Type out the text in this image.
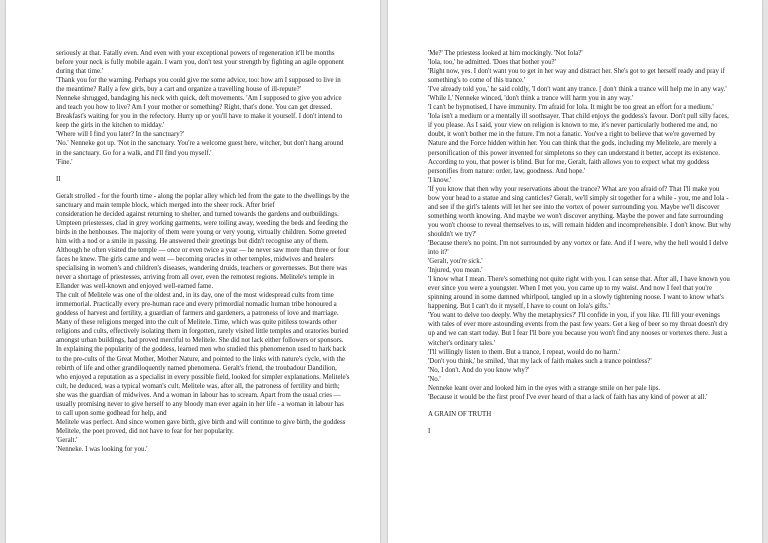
seriously at that. Fatally even. And even with your exceptional powers of regeneration it'll be months before your neck is fully mobile again. I warn you, don't test your strength by fighting an agile opponent during that time.'

'Thank you for the warning. Perhaps you could give me some advice, too: how am I supposed to live in the meantime? Rally a few girls, buy a cart and organize a travelling house of ill-repute?'

Nenneke shrugged, bandaging his neck with quick, deft movements. 'Am I supposed to give you advice and teach you how to live? Am I your mother or something? Right, that's done. You can get dressed. Breakfast's waiting for you in the refectory. Hurry up or you'll have to make it yourself. I don't intend to keep the girls in the kitchen to midday.'

'Where will I find you later? In the sanctuary?'

'No.' Nenneke got up. 'Not in the sanctuary. You're a welcome guest here, witcher, but don't hang around in the sanctuary. Go for a walk, and I'll find you myself.'

'Fine.'

II

Geralt strolled - for the fourth time - along the poplar alley which led from the gate to the dwellings by the sanctuary and main temple block, which merged into the sheer rock. After brief

consideration he decided against returning to shelter, and turned towards the gardens and outbuildings. Umpteen priestesses, clad in grey working garments, were toiling away, weeding the beds and feeding the birds in the henhouses. The majority of them were young or very young, virtually children. Some greeted him with a nod or a smile in passing. He answered their greetings but didn't recognise any of them. Although he often visited the temple — once or even twice a year — he never saw more than three or four faces he knew. The girls came and went — becoming oracles in other temples, midwives and healers specialising in women's and children's diseases, wandering druids, teachers or governesses. But there was never a shortage of priestesses, arriving from all over, even the remotest regions. Melitele's temple in Ellander was well-known and enjoyed well-earned fame.

The cult of Melitele was one of the oldest and, in its day, one of the most widespread cults from time immemorial. Practically every pre-human race and every primordial nomadic human tribe honoured a goddess of harvest and fertility, a guardian of farmers and gardeners, a patroness of love and marriage. Many of these religions merged into the cult of Melitele. Time, which was quite pitiless towards other religions and cults, effectively isolating them in forgotten, rarely visited little temples and oratories buried amongst urban buildings, had proved merciful to Melitele. She did not lack either followers or sponsors. In explaining the popularity of the goddess, learned men who studied this phenomenon used to hark back to the pre-cults of the Great Mother, Mother Nature, and pointed to the links with nature's cycle, with the rebirth of life and other grandiloquently named phenomena. Geralt's friend, the troubadour Dandilion, who enjoyed a reputation as a specialist in every possible field, looked for simpler explanations. Melitele's cult, he deduced, was a typical woman's cult. Melitele was, after all, the patroness of fertility and birth; she was the guardian of midwives. And a woman in labour has to scream. Apart from the usual cries — usually promising never to give herself to any bloody man ever again in her life - a woman in labour has to call upon some godhead for help, and

Melitele was perfect. And since women gave birth, give birth and will continue to give birth, the goddess Melitele, the poet proved, did not have to fear for her popularity.

'Geralt.'

'Nenneke. I was looking for you.'

'Me?' The priestess looked at him mockingly. 'Not Iola?'

'Iola, too,' he admitted. 'Does that bother you?'

'Right now, yes. I don't want you to get in her way and distract her. She's got to get herself ready and pray if something's to come of this trance.'

'I've already told you,' he said coldly, 'I don't want any trance. [ don't think a trance will help me in any way.'

'While I,' Nenneke winced, 'don't think a trance will harm you in any way.'

'I can't be hypnotised, I have immunity. I'm afraid for Iola. It might be too great an effort for a medium.'

'Iola isn't a medium or a mentally ill soothsayer. That child enjoys the goddess's favour. Don't pull silly faces, if you please. As I said, your view on religion is known to me, it's never particularly bothered me and, no doubt, it won't bother me in the future. I'm not a fanatic. You've a right to believe that we're governed by Nature and the Force hidden within her. You can think that the gods, including my Melitele, are merely a personification of this power invented for simpletons so they can understand it better, accept its existence. According to you, that power is blind. But for me, Geralt, faith allows you to expect what my goddess personifies from nature: order, law, goodness. And hope.'

'I know.'

'If you know that then why your reservations about the trance? What are you afraid of? That I'll make you bow your head to a statue and sing canticles? Geralt, we'll simply sit together for a while - you, me and Iola - and see if the girl's talents will let her see into the vortex of power surrounding you. Maybe we'll discover something worth knowing. And maybe we won't discover anything. Maybe the power and fate surrounding you won't choose to reveal themselves to us, will remain hidden and incomprehensible. I don't know. But why shouldn't we try?'

'Because there's no point. I'm not surrounded by any vortex or fate. And if I were, why the hell would I delve into it?'

'Geralt, you're sick.'

'Injured, you mean.'

'I know what I mean. There's something not quite right with you. I can sense that. After all, I have known you ever since you were a youngster. When I met you, you came up to my waist. And now I feel that you're spinning around in some damned whirlpool, tangled up in a slowly tightening noose. I want to know what's happening. But I can't do it myself, I have to count on Iola's gifts.'

'You want to delve too deeply. Why the metaphysics?' I'll confide in you, if you like. I'll fill your evenings with tales of ever more astounding events from the past few years. Get a keg of beer so my throat doesn't dry up and we can start today. But I fear I'll bore you because you won't find any nooses or vortexes there. Just a witcher's ordinary tales.'

'I'll willingly listen to them. But a trance, I repeat, would do no harm.'

'Don't you think,' he smiled, 'that my lack of faith makes such a trance pointless?'

'No, I don't. And do you know why?'

'No.'

Nenneke leant over and looked him in the eyes with a strange smile on her pale lips.

'Because it would be the first proof I've ever heard of that a lack of faith has any kind of power at all.'

A GRAIN OF TRUTH

I
